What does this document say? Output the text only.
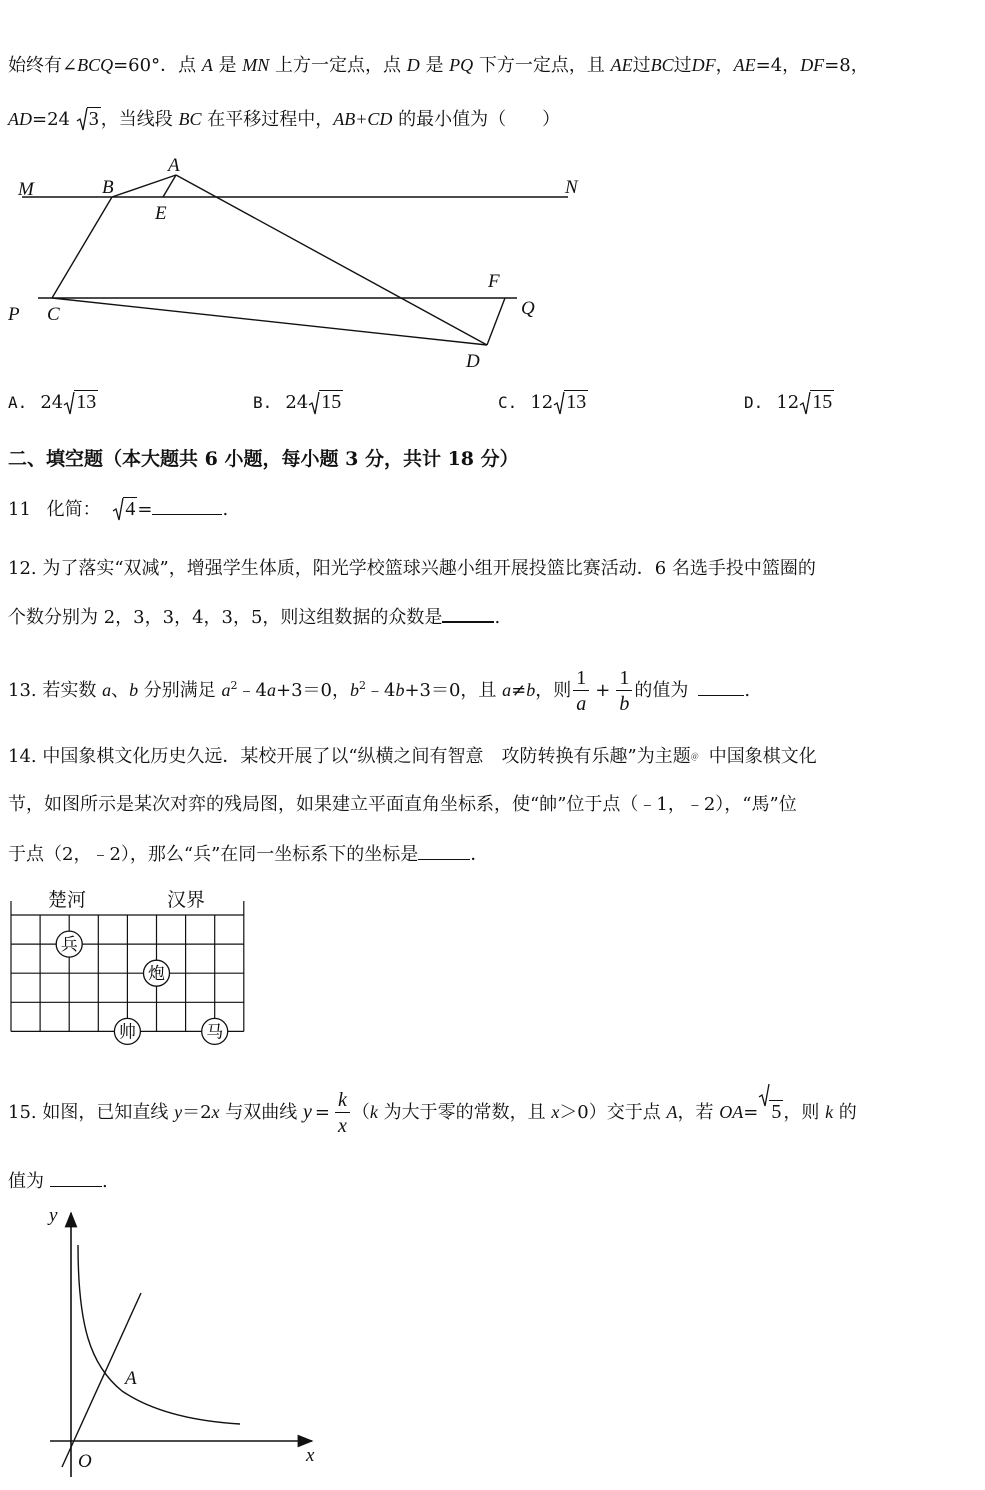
始终有∠BCQ=60°．点 A 是 MN 上方一定点，点 D 是 PQ 下方一定点，且 AE过BC过DF，AE=4，DF=8，
AD=24 3 ，当线段 BC 在平移过程中，AB+CD 的最小值为（　　）
M	B
A
E
N
F
P C	Q
D
A. 24 13	B. 24 15	C. 12 13	D. 12 15
二、填空题（本大题共 6 小题，每小题 3 分，共计 18 分）
11 化简： 4 =	.
12. 为了落实“双减”，增强学生体质，阳光学校篮球兴趣小组开展投篮比赛活动．6 名选手投中篮圈的
个数分别为 2，3，3，4，3，5，则这组数据的众数是	.
13. 若实数 a、b 分别满足 $a^2﹣4a+3=0$，$b^2﹣4b+3=0$，且 a≠b，则 $\frac{1}{a} + \frac{1}{b}$ 的值为	.
14. 中国象棋文化历史久远．某校开展了以“纵横之间有智意　攻防转换有乐趣”为主题＠ 中国象棋文化
节，如图所示是某次对弈的残局图，如果建立平面直角坐标系，使“帥”位于点（﹣1，﹣2），“馬”位
于点（2，﹣2），那么“兵”在同一坐标系下的坐标是	．
楚河	汉界
兵
炮
帅	马
15. 如图，已知直线 y＝2x 与双曲线 $y = \frac{k}{x} (k$ 为大于零的常数，且 x＞0）交于点 A，若 OA= 5 ，则 k 的
值为	.
y
x
O
A
